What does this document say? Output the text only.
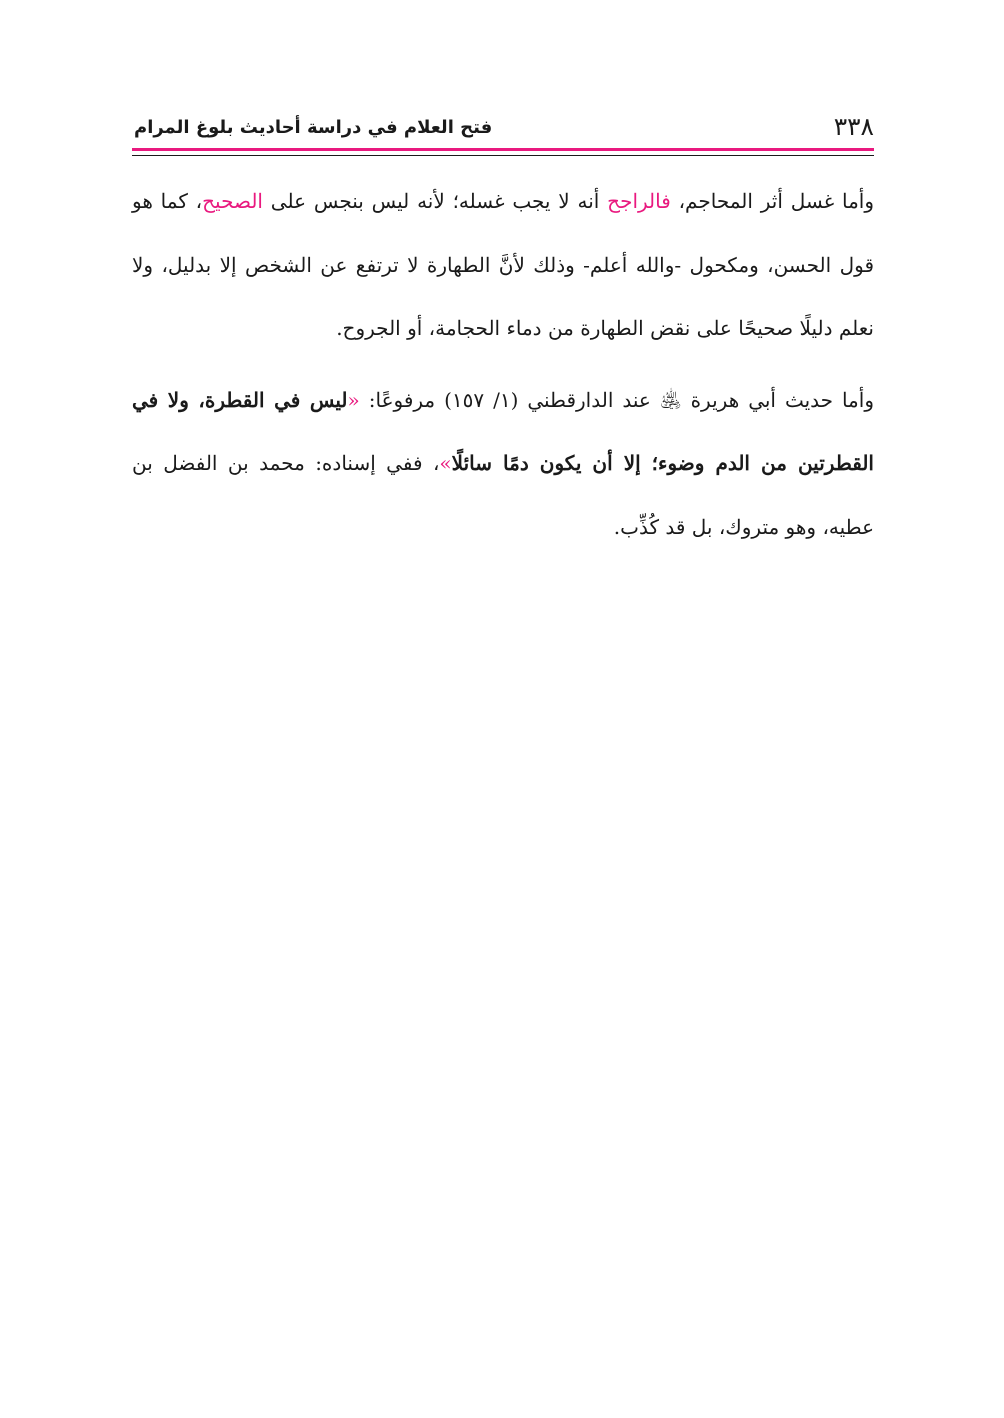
٣٣٨
فتح العلام في دراسة أحاديث بلوغ المرام

وأما غسل أثر المحاجم، فالراجح أنه لا يجب غسله؛ لأنه ليس بنجس على الصحيح، كما هو قول الحسن، ومكحول -والله أعلم- وذلك لأنَّ الطهارة لا ترتفع عن الشخص إلا بدليل، ولا نعلم دليلًا صحيحًا على نقض الطهارة من دماء الحجامة، أو الجروح.

وأما حديث أبي هريرة ﵁ عند الدارقطني (١/ ١٥٧) مرفوعًا: «ليس في القطرة، ولا في القطرتين من الدم وضوء؛ إلا أن يكون دمًا سائلًا»، ففي إسناده: محمد بن الفضل بن عطيه، وهو متروك، بل قد كُذِّب.
